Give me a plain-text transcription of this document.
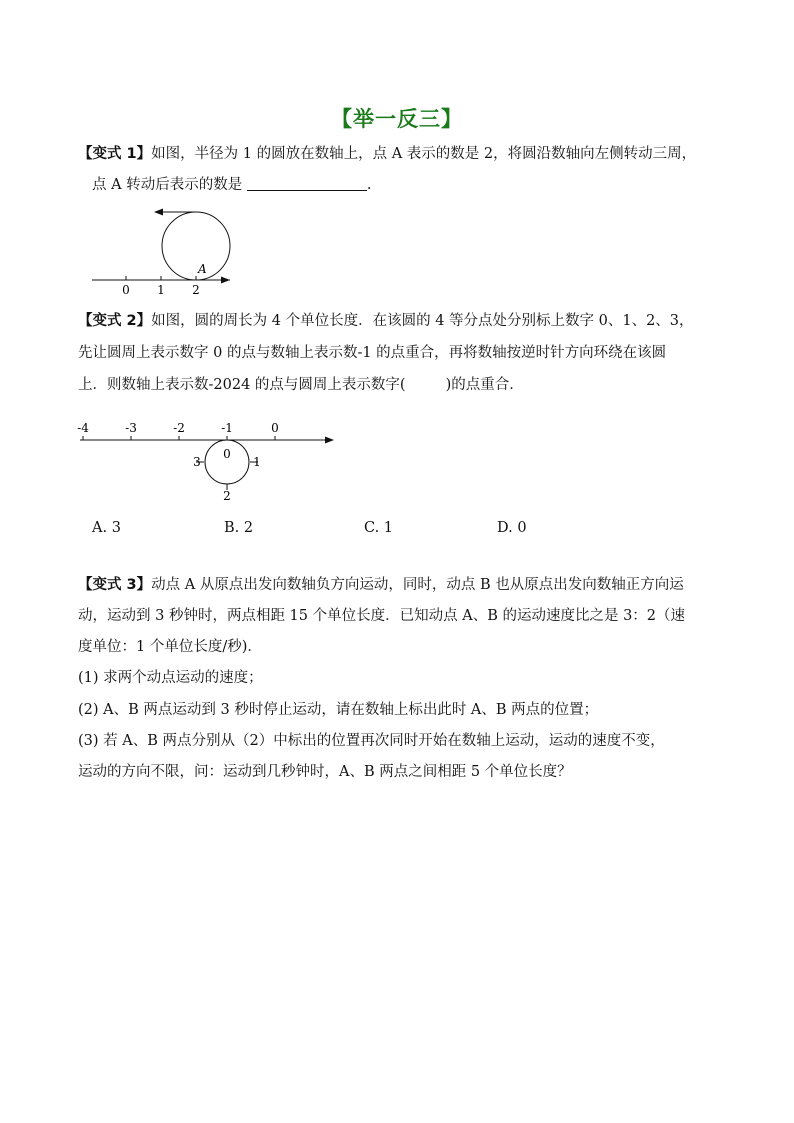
【举一反三】
【变式 1】如图，半径为 1 的圆放在数轴上，点 A 表示的数是 2，将圆沿数轴向左侧转动三周，
点 A 转动后表示的数是	.
0 1 2
A
【变式 2】如图，圆的周长为 4 个单位长度．在该圆的 4 等分点处分别标上数字 0、1、2、3，
先让圆周上表示数字 0 的点与数轴上表示数-1 的点重合，再将数轴按逆时针方向环绕在该圆
上．则数轴上表示数-2024 的点与圆周上表示数字(	)的点重合．
-4	-3	-2	-1	0
0
1
2
3
A. 3	B. 2	C. 1	D. 0
【变式 3】动点 A 从原点出发向数轴负方向运动，同时，动点 B 也从原点出发向数轴正方向运
动，运动到 3 秒钟时，两点相距 15 个单位长度．已知动点 A、B 的运动速度比之是 3：2（速
度单位：1 个单位长度/秒)．
(1) 求两个动点运动的速度；
(2) A、B 两点运动到 3 秒时停止运动，请在数轴上标出此时 A、B 两点的位置；
(3) 若 A、B 两点分别从（2）中标出的位置再次同时开始在数轴上运动，运动的速度不变，
运动的方向不限，问：运动到几秒钟时，A、B 两点之间相距 5 个单位长度？
